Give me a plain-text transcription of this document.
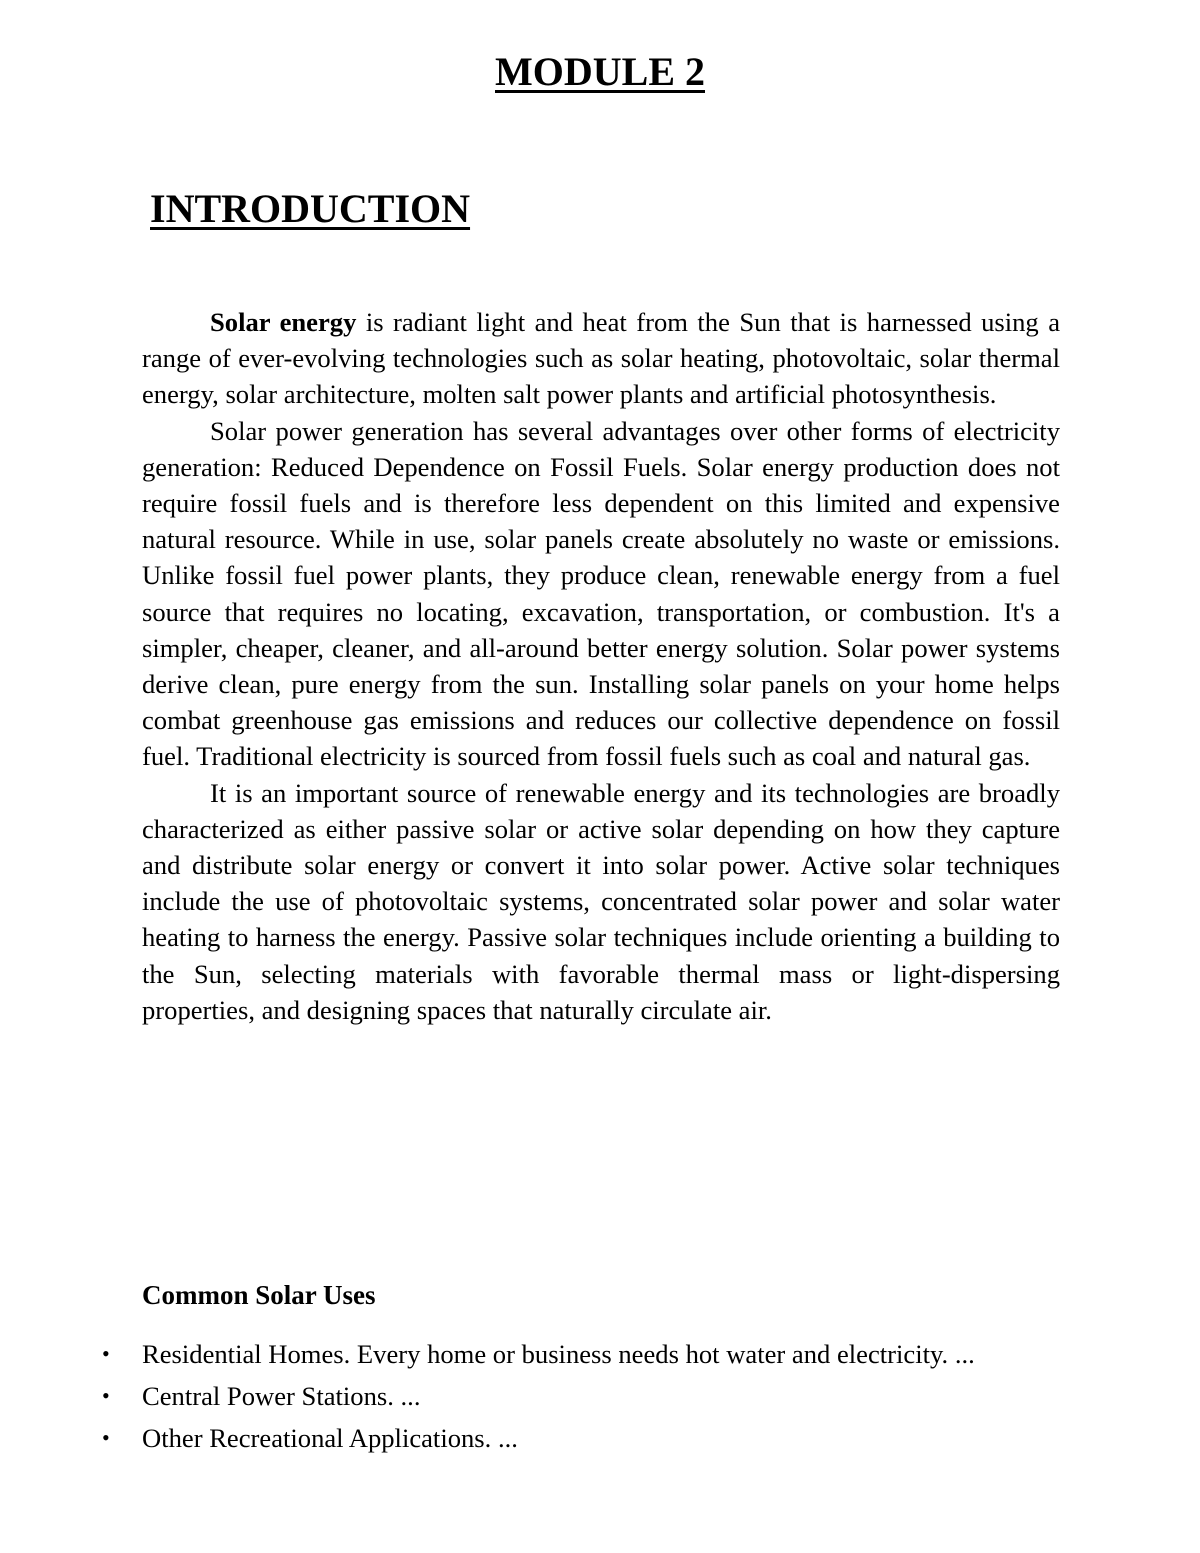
MODULE 2
INTRODUCTION

Solar energy is radiant light and heat from the Sun that is harnessed using a range of ever-evolving technologies such as solar heating, photovoltaic, solar thermal energy, solar architecture, molten salt power plants and artificial photosynthesis.

Solar power generation has several advantages over other forms of electricity generation: Reduced Dependence on Fossil Fuels. Solar energy production does not require fossil fuels and is therefore less dependent on this limited and expensive natural resource. While in use, solar panels create absolutely no waste or emissions. Unlike fossil fuel power plants, they produce clean, renewable energy from a fuel source that requires no locating, excavation, transportation, or combustion. It's a simpler, cheaper, cleaner, and all-around better energy solution. Solar power systems derive clean, pure energy from the sun. Installing solar panels on your home helps combat greenhouse gas emissions and reduces our collective dependence on fossil fuel. Traditional electricity is sourced from fossil fuels such as coal and natural gas.

It is an important source of renewable energy and its technologies are broadly characterized as either passive solar or active solar depending on how they capture and distribute solar energy or convert it into solar power. Active solar techniques include the use of photovoltaic systems, concentrated solar power and solar water heating to harness the energy. Passive solar techniques include orienting a building to the Sun, selecting materials with favorable thermal mass or light-dispersing properties, and designing spaces that naturally circulate air.

Common Solar Uses
• Residential Homes. Every home or business needs hot water and electricity. ...
• Central Power Stations. ...
• Other Recreational Applications. ...
